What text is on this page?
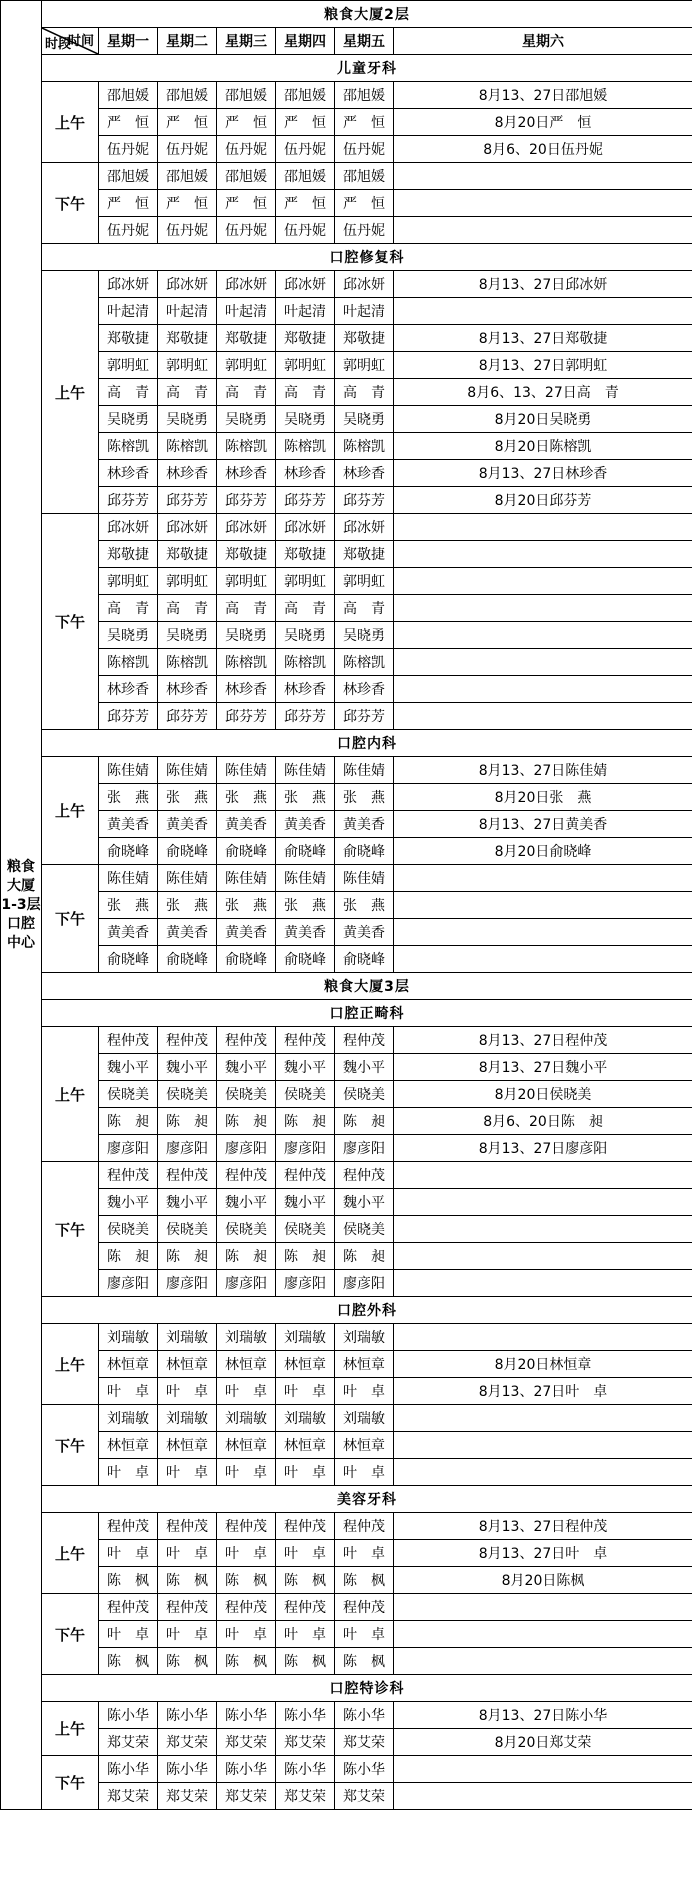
粮食大厦1-3层口腔中心	粮食大厦2层						

	时间
时段	星期一	星期二	星期三	星期四	星期五	星期六
	儿童牙科						
	上午	邵旭媛	邵旭媛	邵旭媛	邵旭媛	邵旭媛	8月13、27日邵旭媛
		严　恒	严　恒	严　恒	严　恒	严　恒	8月20日严　恒
		伍丹妮	伍丹妮	伍丹妮	伍丹妮	伍丹妮	8月6、20日伍丹妮
	下午	邵旭媛	邵旭媛	邵旭媛	邵旭媛	邵旭媛	
		严　恒	严　恒	严　恒	严　恒	严　恒	
		伍丹妮	伍丹妮	伍丹妮	伍丹妮	伍丹妮	
	口腔修复科						
	上午	邱冰妍	邱冰妍	邱冰妍	邱冰妍	邱冰妍	8月13、27日邱冰妍
		叶起清	叶起清	叶起清	叶起清	叶起清	
		郑敬捷	郑敬捷	郑敬捷	郑敬捷	郑敬捷	8月13、27日郑敬捷
		郭明虹	郭明虹	郭明虹	郭明虹	郭明虹	8月13、27日郭明虹
		高　青	高　青	高　青	高　青	高　青	8月6、13、27日高　青
		吴晓勇	吴晓勇	吴晓勇	吴晓勇	吴晓勇	8月20日吴晓勇
		陈榕凯	陈榕凯	陈榕凯	陈榕凯	陈榕凯	8月20日陈榕凯
		林珍香	林珍香	林珍香	林珍香	林珍香	8月13、27日林珍香
		邱芬芳	邱芬芳	邱芬芳	邱芬芳	邱芬芳	8月20日邱芬芳
	下午	邱冰妍	邱冰妍	邱冰妍	邱冰妍	邱冰妍	
		郑敬捷	郑敬捷	郑敬捷	郑敬捷	郑敬捷	
		郭明虹	郭明虹	郭明虹	郭明虹	郭明虹	
		高　青	高　青	高　青	高　青	高　青	
		吴晓勇	吴晓勇	吴晓勇	吴晓勇	吴晓勇	
		陈榕凯	陈榕凯	陈榕凯	陈榕凯	陈榕凯	
		林珍香	林珍香	林珍香	林珍香	林珍香	
		邱芬芳	邱芬芳	邱芬芳	邱芬芳	邱芬芳	
	口腔内科						
	上午	陈佳婧	陈佳婧	陈佳婧	陈佳婧	陈佳婧	8月13、27日陈佳婧
		张　燕	张　燕	张　燕	张　燕	张　燕	8月20日张　燕
		黄美香	黄美香	黄美香	黄美香	黄美香	8月13、27日黄美香
		俞晓峰	俞晓峰	俞晓峰	俞晓峰	俞晓峰	8月20日俞晓峰
	下午	陈佳婧	陈佳婧	陈佳婧	陈佳婧	陈佳婧	
		张　燕	张　燕	张　燕	张　燕	张　燕	
		黄美香	黄美香	黄美香	黄美香	黄美香	
		俞晓峰	俞晓峰	俞晓峰	俞晓峰	俞晓峰	
	粮食大厦3层						
	口腔正畸科						
	上午	程仲茂	程仲茂	程仲茂	程仲茂	程仲茂	8月13、27日程仲茂
		魏小平	魏小平	魏小平	魏小平	魏小平	8月13、27日魏小平
		侯晓美	侯晓美	侯晓美	侯晓美	侯晓美	8月20日侯晓美
		陈　昶	陈　昶	陈　昶	陈　昶	陈　昶	8月6、20日陈　昶
		廖彦阳	廖彦阳	廖彦阳	廖彦阳	廖彦阳	8月13、27日廖彦阳
	下午	程仲茂	程仲茂	程仲茂	程仲茂	程仲茂	
		魏小平	魏小平	魏小平	魏小平	魏小平	
		侯晓美	侯晓美	侯晓美	侯晓美	侯晓美	
		陈　昶	陈　昶	陈　昶	陈　昶	陈　昶	
		廖彦阳	廖彦阳	廖彦阳	廖彦阳	廖彦阳	
	口腔外科						
	上午	刘瑞敏	刘瑞敏	刘瑞敏	刘瑞敏	刘瑞敏	
		林恒章	林恒章	林恒章	林恒章	林恒章	8月20日林恒章
		叶　卓	叶　卓	叶　卓	叶　卓	叶　卓	8月13、27日叶　卓
	下午	刘瑞敏	刘瑞敏	刘瑞敏	刘瑞敏	刘瑞敏	
		林恒章	林恒章	林恒章	林恒章	林恒章	
		叶　卓	叶　卓	叶　卓	叶　卓	叶　卓	
	美容牙科						
	上午	程仲茂	程仲茂	程仲茂	程仲茂	程仲茂	8月13、27日程仲茂
		叶　卓	叶　卓	叶　卓	叶　卓	叶　卓	8月13、27日叶　卓
		陈　枫	陈　枫	陈　枫	陈　枫	陈　枫	8月20日陈枫
	下午	程仲茂	程仲茂	程仲茂	程仲茂	程仲茂	
		叶　卓	叶　卓	叶　卓	叶　卓	叶　卓	
		陈　枫	陈　枫	陈　枫	陈　枫	陈　枫	
	口腔特诊科						
	上午	陈小华	陈小华	陈小华	陈小华	陈小华	8月13、27日陈小华
		郑艾荣	郑艾荣	郑艾荣	郑艾荣	郑艾荣	8月20日郑艾荣
	下午	陈小华	陈小华	陈小华	陈小华	陈小华	
		郑艾荣	郑艾荣	郑艾荣	郑艾荣	郑艾荣	
